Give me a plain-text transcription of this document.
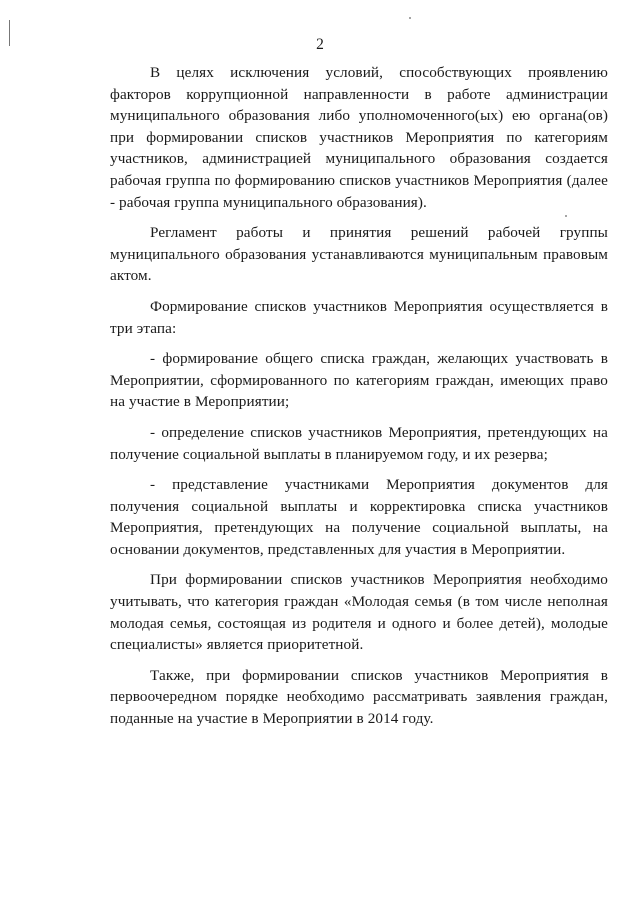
2

В целях исключения условий, способствующих проявлению факторов коррупционной направленности в работе администрации муниципального образования либо уполномоченного(ых) ею органа(ов) при формировании списков участников Мероприятия по категориям участников, администрацией муниципального образования создается рабочая группа по формированию списков участников Мероприятия (далее - рабочая группа муниципального образования).

Регламент работы и принятия решений рабочей группы муниципального образования устанавливаются муниципальным правовым актом.

Формирование списков участников Мероприятия осуществляется в три этапа:

- формирование общего списка граждан, желающих участвовать в Мероприятии, сформированного по категориям граждан, имеющих право на участие в Мероприятии;

- определение списков участников Мероприятия, претендующих на получение социальной выплаты в планируемом году, и их резерва;

- представление участниками Мероприятия документов для получения социальной выплаты и корректировка списка участников Мероприятия, претендующих на получение социальной выплаты, на основании документов, представленных для участия в Мероприятии.

При формировании списков участников Мероприятия необходимо учитывать, что категория граждан «Молодая семья (в том числе неполная молодая семья, состоящая из родителя и одного и более детей), молодые специалисты» является приоритетной.

Также, при формировании списков участников Мероприятия в первоочередном порядке необходимо рассматривать заявления граждан, поданные на участие в Мероприятии в 2014 году.
